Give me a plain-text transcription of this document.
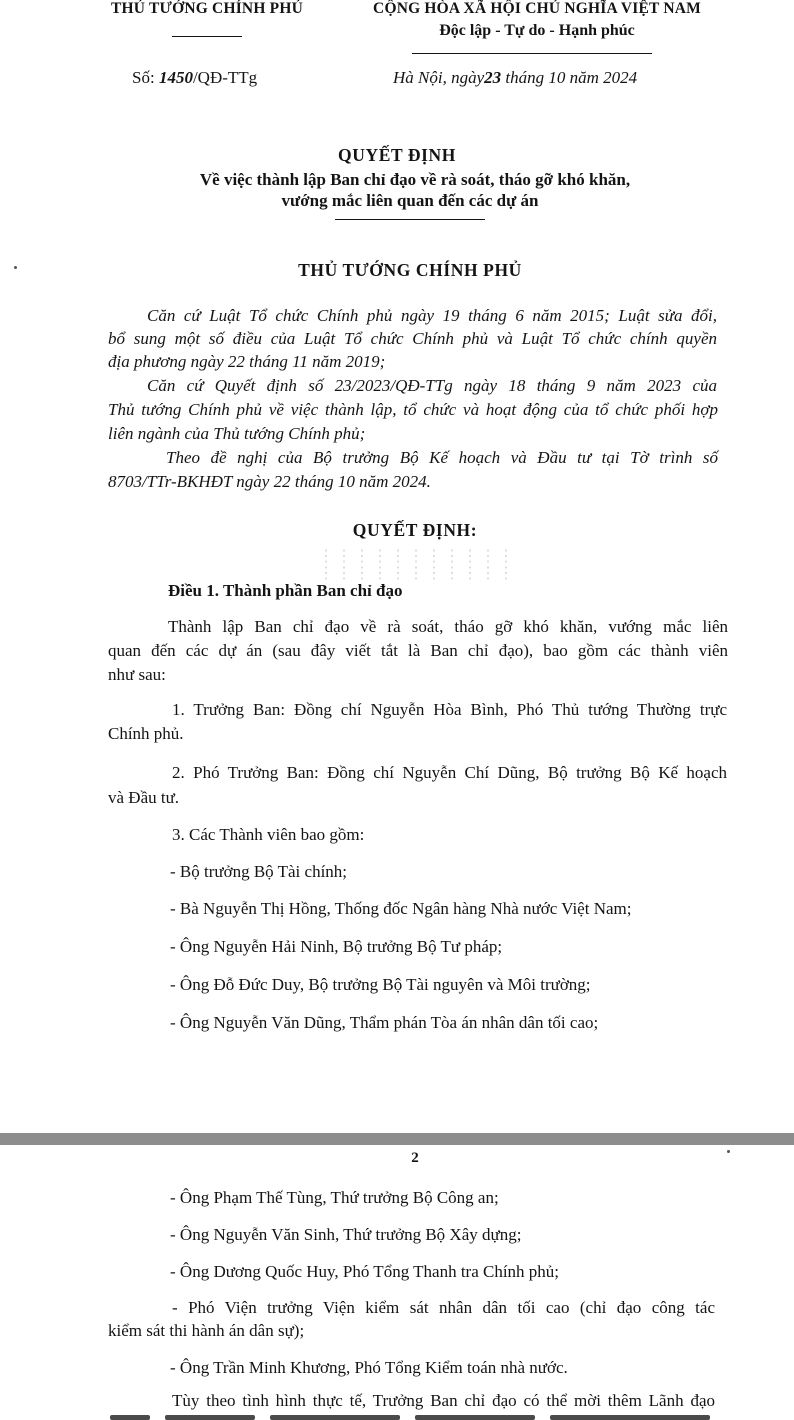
THỦ TƯỚNG CHÍNH PHỦ	CỘNG HÒA XÃ HỘI CHỦ NGHĨA VIỆT NAM
Độc lập - Tự do - Hạnh phúc
Số: 1450/QĐ-TTg	Hà Nội, ngày23 tháng 10 năm 2024
QUYẾT ĐỊNH
Về việc thành lập Ban chỉ đạo về rà soát, tháo gỡ khó khăn,
vướng mắc liên quan đến các dự án
THỦ TƯỚNG CHÍNH PHỦ
Căn cứ Luật Tổ chức Chính phủ ngày 19 tháng 6 năm 2015; Luật sửa đổi,
bổ sung một số điều của Luật Tổ chức Chính phủ và Luật Tổ chức chính quyền
địa phương ngày 22 tháng 11 năm 2019;
Căn cứ Quyết định số 23/2023/QĐ-TTg ngày 18 tháng 9 năm 2023 của
Thủ tướng Chính phủ về việc thành lập, tổ chức và hoạt động của tổ chức phối hợp
liên ngành của Thủ tướng Chính phủ;
Theo đề nghị của Bộ trưởng Bộ Kế hoạch và Đầu tư tại Tờ trình số
8703/TTr-BKHĐT ngày 22 tháng 10 năm 2024.
QUYẾT ĐỊNH:
⋮⋮⋮⋮⋮⋮⋮⋮⋮⋮⋮
⋮⋮⋮⋮⋮⋮⋮⋮⋮⋮⋮
Điều 1. Thành phần Ban chỉ đạo
Thành lập Ban chỉ đạo về rà soát, tháo gỡ khó khăn, vướng mắc liên
quan đến các dự án (sau đây viết tắt là Ban chỉ đạo), bao gồm các thành viên
như sau:
1. Trưởng Ban: Đồng chí Nguyễn Hòa Bình, Phó Thủ tướng Thường trực
Chính phủ.
2. Phó Trưởng Ban: Đồng chí Nguyễn Chí Dũng, Bộ trưởng Bộ Kế hoạch
và Đầu tư.
3. Các Thành viên bao gồm:
- Bộ trưởng Bộ Tài chính;
- Bà Nguyễn Thị Hồng, Thống đốc Ngân hàng Nhà nước Việt Nam;
- Ông Nguyễn Hải Ninh, Bộ trưởng Bộ Tư pháp;
- Ông Đỗ Đức Duy, Bộ trưởng Bộ Tài nguyên và Môi trường;
- Ông Nguyễn Văn Dũng, Thẩm phán Tòa án nhân dân tối cao;
2
- Ông Phạm Thế Tùng, Thứ trưởng Bộ Công an;
- Ông Nguyễn Văn Sinh, Thứ trưởng Bộ Xây dựng;
- Ông Dương Quốc Huy, Phó Tổng Thanh tra Chính phủ;
- Phó Viện trưởng Viện kiểm sát nhân dân tối cao (chỉ đạo công tác
kiểm sát thi hành án dân sự);
- Ông Trần Minh Khương, Phó Tổng Kiểm toán nhà nước.
Tùy theo tình hình thực tế, Trưởng Ban chỉ đạo có thể mời thêm Lãnh đạo
